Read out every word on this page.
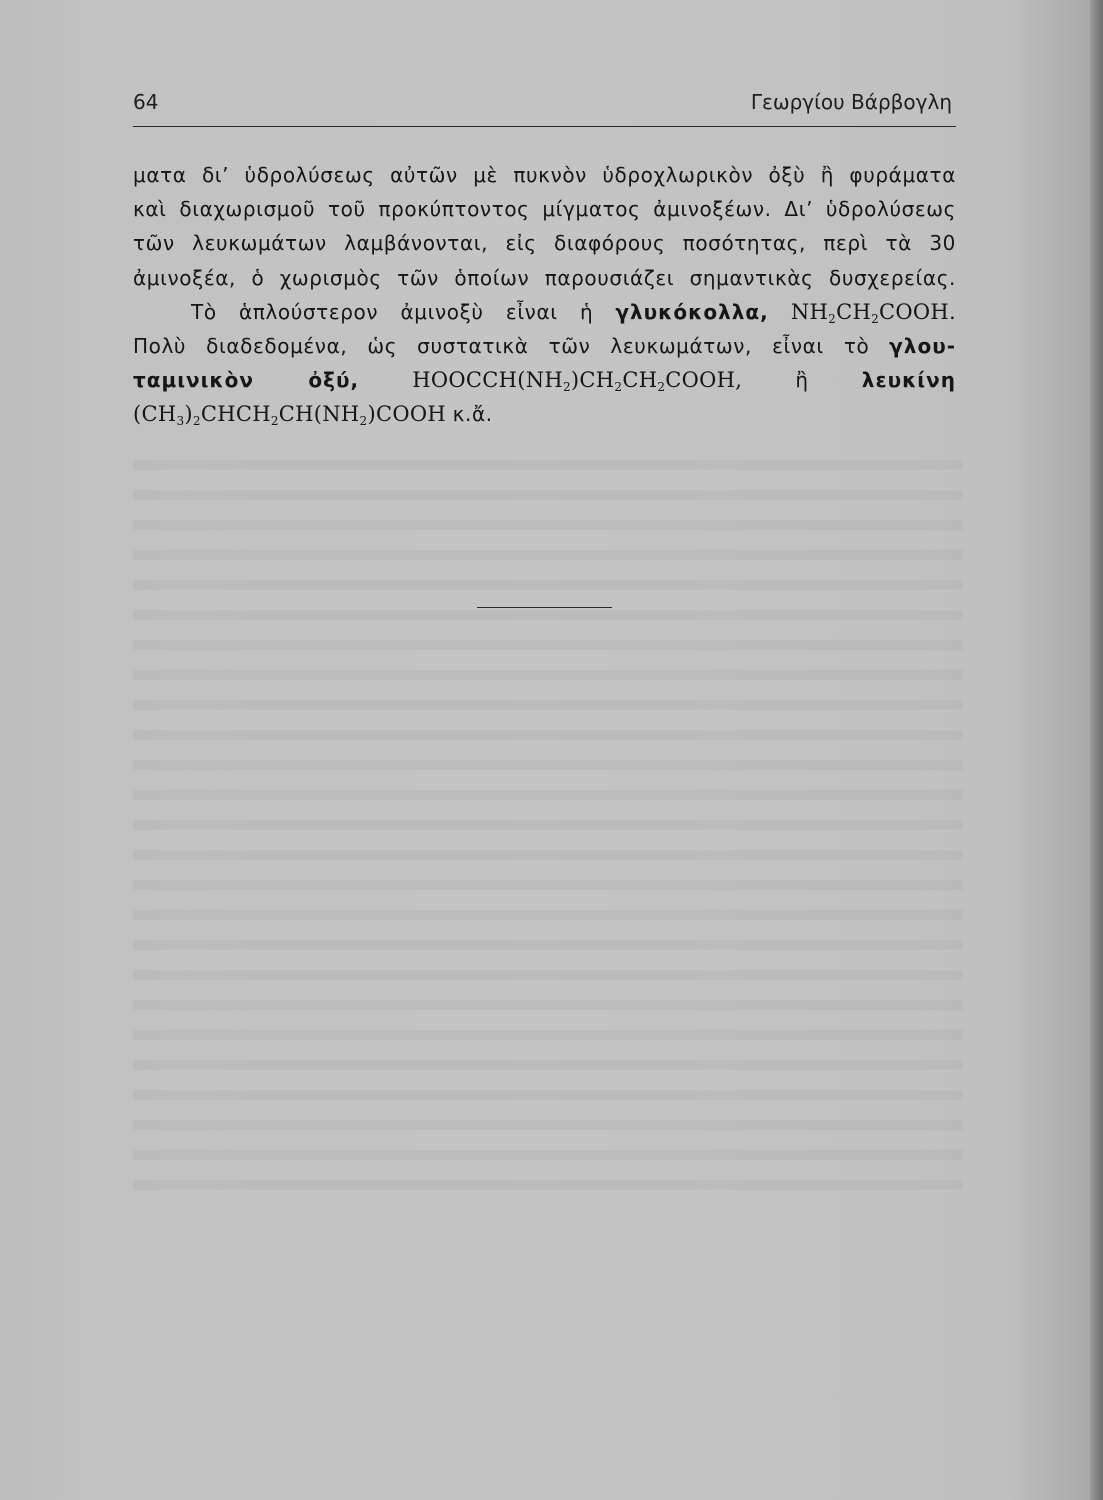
64	Γεωργίου Βάρβογλη
ματα δι’ ὑδρολύσεως αὐτῶν μὲ πυκνὸν ὑδροχλωρικὸν ὀξὺ ἢ φυράματα
καὶ διαχωρισμοῦ τοῦ προκύπτοντος μίγματος ἀμινοξέων. Δι’ ὑδρολύσεως
τῶν λευκωμάτων λαμβάνονται, εἰς διαφόρους ποσότητας, περὶ τὰ 30
ἀμινοξέα, ὁ χωρισμὸς τῶν ὁποίων παρουσιάζει σημαντικὰς δυσχερείας.
Τὸ ἁπλούστερον ἀμινοξὺ εἶναι ἡ γλυκόκολλα, $NH_2CH_2COOH$.
Πολὺ διαδεδομένα, ὡς συστατικὰ τῶν λευκωμάτων, εἶναι τὸ γλου-
ταμινικὸν ὀξύ,	$HOOCCH(NH_2)CH_2CH_2COOH$,	ἢ	λευκίνη
$(CH_3)_2CHCH_2CH(NH_2)COOH$ κ.ἄ.
